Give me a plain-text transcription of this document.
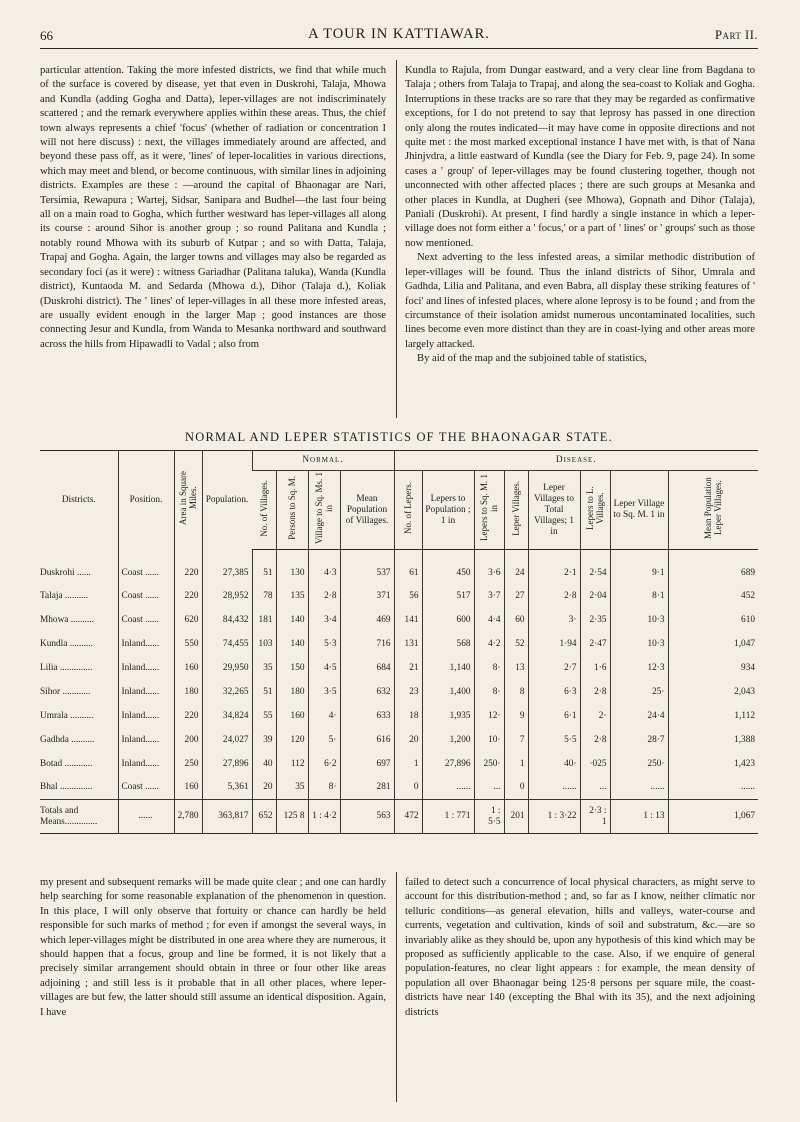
66	A TOUR IN KATTIAWAR.	Part II.

particular attention. Taking the more infested districts, we find that while much of the surface is covered by disease, yet that even in Duskrohi, Talaja, Mhowa and Kundla (adding Gogha and Datta), leper-villages are not indiscriminately scattered ; and the remark everywhere applies within these areas. Thus, the chief town always represents a chief 'focus' (whether of radiation or concentration I will not here discuss) : next, the villages immediately around are affected, and beyond these pass off, as it were, 'lines' of leper-localities in various directions, which may meet and blend, or become continuous, with similar lines in adjoining districts. Examples are these : —around the capital of Bhaonagar are Nari, Tersimia, Rewapura ; Wartej, Sidsar, Sanipara and Budhel—the last four being all on a main road to Gogha, which further westward has leper-villages all along its course : around Sihor is another group ; so round Palitana and Kundla ; notably round Mhowa with its suburb of Kutpar ; and so with Datta, Talaja, Trapaj and Gogha. Again, the larger towns and villages may also be regarded as secondary foci (as it were) : witness Gariadhar (Palitana taluka), Wanda (Kundla district), Kuntaoda M. and Sedarda (Mhowa d.), Dihor (Talaja d.), Koliak (Duskrohi district). The ' lines' of leper-villages in all these more infested areas, are usually evident enough in the larger Map ; good instances are those connecting Jesur and Kundla, from Wanda to Mesanka northward and southward across the hills from Hipawadli to Vadal ; also from

Kundla to Rajula, from Dungar eastward, and a very clear line from Bagdana to Talaja ; others from Talaja to Trapaj, and along the sea-coast to Koliak and Gogha. Interruptions in these tracks are so rare that they may be regarded as confirmative exceptions, for I do not pretend to say that leprosy has passed in one direction only along the routes indicated—it may have come in opposite directions and not quite met : the most marked exceptional instance I have met with, is that of Nana Jhinjvdra, a little eastward of Kundla (see the Diary for Feb. 9, page 24). In some cases a ' group' of leper-villages may be found clustering together, though not unconnected with other affected places ; there are such groups at Mesanka and other places in Kundla, at Dugheri (see Mhowa), Gopnath and Dihor (Talaja), Paniali (Duskrohi). At present, I find hardly a single instance in which a leper-village does not form either a ' focus,' or a part of ' lines' or ' groups' such as those now mentioned.

Next adverting to the less infested areas, a similar methodic distribution of leper-villages will be found. Thus the inland districts of Sihor, Umrala and Gadhda, Lilia and Palitana, and even Babra, all display these striking features of ' foci' and lines of infested places, where alone leprosy is to be found ; and from the circumstance of their isolation amidst numerous uncontaminated localities, such lines become even more distinct than they are in coast-lying and other areas more largely attacked.

By aid of the map and the subjoined table of statistics,

NORMAL AND LEPER STATISTICS OF THE BHAONAGAR STATE.
Districts.	Position.	Area in Square Miles.	Population.	Normal.				Disease.							
				No. of Villages.	Persons to Sq. M.	Village to Sq. Ms. 1 in	Mean Population of Villages.	No. of Lepers.	Lepers to Population ; 1 in	Lepers to Sq. M. 1 in	Leper Villages.	Leper Villages to Total Villages; 1 in	Lepers to L. Villages.	Leper Village to Sq. M. 1 in	Mean Population Leper Villages.
Duskrohi ......	Coast ......	220	27,385	51	130	4·3	537	61	450	3·6	24	2·1	2·54	9·1	689
Talaja ..........	Coast ......	220	28,952	78	135	2·8	371	56	517	3·7	27	2·8	2·04	8·1	452
Mhowa ..........	Coast ......	620	84,432	181	140	3·4	469	141	600	4·4	60	3·	2·35	10·3	610
Kundla ..........	Inland......	550	74,455	103	140	5·3	716	131	568	4·2	52	1·94	2·47	10·3	1,047
Lilia ..............	Inland......	160	29,950	35	150	4·5	684	21	1,140	8·	13	2·7	1·6	12·3	934
Sihor ............	Inland......	180	32,265	51	180	3·5	632	23	1,400	8·	8	6·3	2·8	25·	2,043
Umrala ..........	Inland......	220	34,824	55	160	4·	633	18	1,935	12·	9	6·1	2·	24·4	1,112
Gadhda ..........	Inland......	200	24,027	39	120	5·	616	20	1,200	10·	7	5·5	2·8	28·7	1,388
Botad ............	Inland......	250	27,896	40	112	6·2	697	1	27,896	250·	1	40·	·025	250·	1,423
Bhal ..............	Coast ......	160	5,361	20	35	8·	281	0	......	...	0	......	...	......	......

Totals and
Means..............	......	2,780	363,817	652	125 8	1 : 4·2	563	472	1 : 771	1 : 5·5	201	1 : 3·22	2·3 : 1	1 : 13	1,067

my present and subsequent remarks will be made quite clear ; and one can hardly help searching for some reasonable explanation of the phenomenon in question. In this place, I will only observe that fortuity or chance can hardly be held responsible for such marks of method ; for even if amongst the several ways, in which leper-villages might be distributed in one area where they are numerous, it should happen that a focus, group and line be formed, it is not likely that a precisely similar arrangement should obtain in three or four other like areas adjoining ; and still less is it probable that in all other places, where leper-villages are but few, the latter should still assume an identical disposition. Again, I have

failed to detect such a concurrence of local physical characters, as might serve to account for this distribution-method ; and, so far as I know, neither climatic nor telluric conditions—as general elevation, hills and valleys, water-course and currents, vegetation and cultivation, kinds of soil and substratum, &c.—are so invariably alike as they should be, upon any hypothesis of this kind which may be proposed as sufficiently applicable to the case. Also, if we enquire of general population-features, no clear light appears : for example, the mean density of population all over Bhaonagar being 125·8 persons per square mile, the coast-districts have near 140 (excepting the Bhal with its 35), and the next adjoining districts
